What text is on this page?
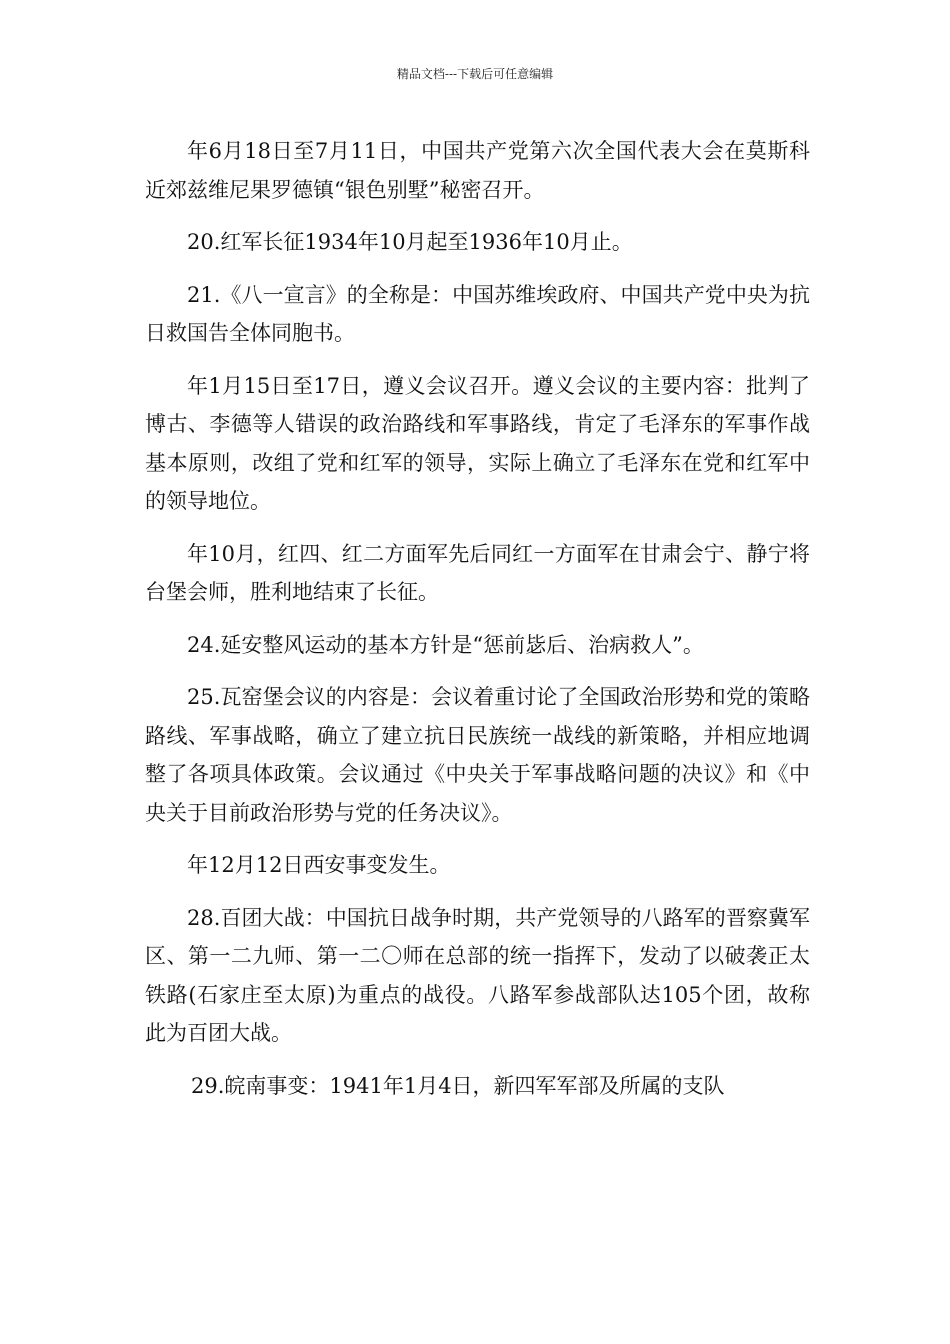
精品文档---下载后可任意编辑

年6月18日至7月11日，中国共产党第六次全国代表大会在莫斯科近郊兹维尼果罗德镇“银色别墅”秘密召开。

20.红军长征1934年10月起至1936年10月止。

21.《八一宣言》的全称是：中国苏维埃政府、中国共产党中央为抗日救国告全体同胞书。

年1月15日至17日，遵义会议召开。遵义会议的主要内容：批判了博古、李德等人错误的政治路线和军事路线，肯定了毛泽东的军事作战基本原则，改组了党和红军的领导，实际上确立了毛泽东在党和红军中的领导地位。

年10月，红四、红二方面军先后同红一方面军在甘肃会宁、静宁将台堡会师，胜利地结束了长征。

24.延安整风运动的基本方针是“惩前毖后、治病救人”。

25.瓦窑堡会议的内容是：会议着重讨论了全国政治形势和党的策略路线、军事战略，确立了建立抗日民族统一战线的新策略，并相应地调整了各项具体政策。会议通过《中央关于军事战略问题的决议》和《中央关于目前政治形势与党的任务决议》。

年12月12日西安事变发生。

28.百团大战：中国抗日战争时期，共产党领导的八路军的晋察冀军区、第一二九师、第一二〇师在总部的统一指挥下，发动了以破袭正太铁路(石家庄至太原)为重点的战役。八路军参战部队达105个团，故称此为百团大战。

29.皖南事变：1941年1月4日，新四军军部及所属的支队
